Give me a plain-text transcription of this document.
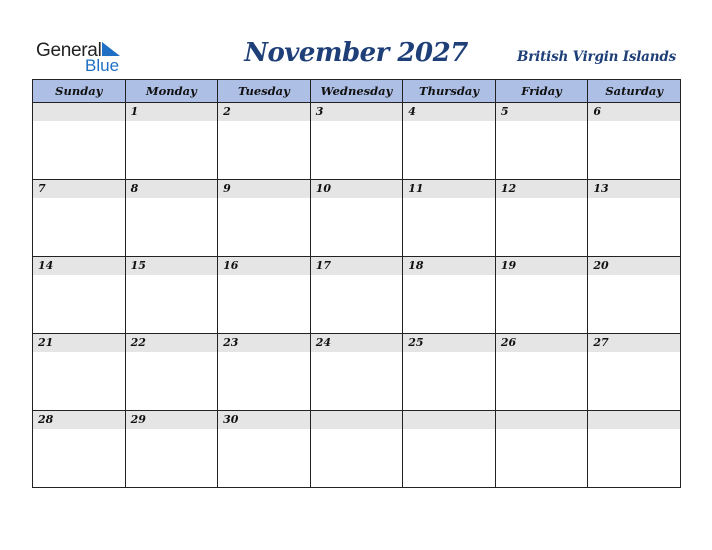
General
Blue	November 2027	British Virgin Islands
Sunday	Monday	Tuesday	Wednesday	Thursday	Friday	Saturday

	1	2	3	4	5	6

7	8	9	10	11	12	13

14	15	16	17	18	19	20

21	22	23	24	25	26	27

28	29	30				
